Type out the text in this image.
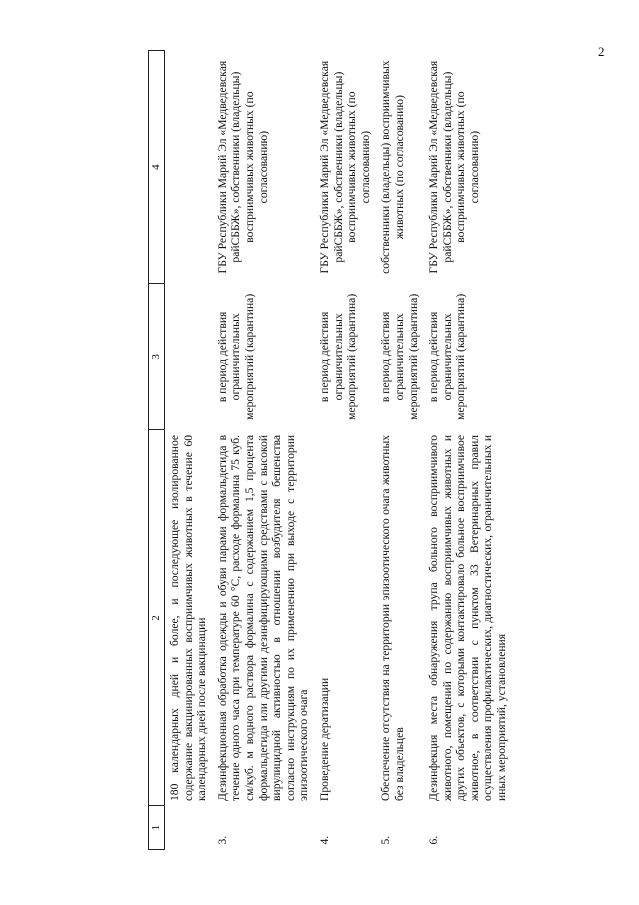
2
1	2	3	4
	180 календарных дней и более, и последующее изолированное содержание вакцинированных восприимчивых животных в течение 60 календарных дней после вакцинации		
3.	Дезинфекционная обработка одежды и обуви парами формальдегида в течение одного часа при температуре 60 °С, расходе формалина 75 куб. см/куб. м водного раствора формалина с содержанием 1,5 процента формальдегида или другими дезинфицирующими средствами с высокой вирулицидной активностью в отношении возбудителя бешенства согласно инструкциям по их применению при выходе с территории эпизоотического очага	в период действия ограничительных мероприятий (карантина)	ГБУ Республики Марий Эл «Медведевская райСББЖ», собственники (владельцы) восприимчивых животных (по согласованию)
4.	Проведение дератизации	в период действия ограничительных мероприятий (карантина)	ГБУ Республики Марий Эл «Медведевская райСББЖ», собственники (владельцы) восприимчивых животных (по согласованию)
5.	Обеспечение отсутствия на территории эпизоотического очага животных без владельцев	в период действия ограничительных мероприятий (карантина)	собственники (владельцы) восприимчивых животных (по согласованию)
6.	Дезинфекция места обнаружения трупа больного восприимчивого животного, помещений по содержанию восприимчивых животных и других объектов, с которыми контактировало больное восприимчивое животное, в соответствии с пунктом 33 Ветеринарных правил осуществления профилактических, диагностических, ограничительных и иных мероприятий, установления	в период действия ограничительных мероприятий (карантина)	ГБУ Республики Марий Эл «Медведевская райСББЖ», собственники (владельцы) восприимчивых животных (по согласованию)
